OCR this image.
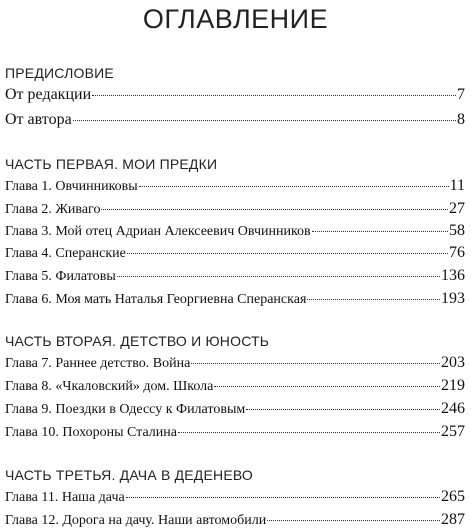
ОГЛАВЛЕНИЕ
ПРЕДИСЛОВИЕ
От редакции	7
От автора	8
ЧАСТЬ ПЕРВАЯ. МОИ ПРЕДКИ
Глава 1. Овчинниковы	11
Глава 2. Живаго	27
Глава 3. Мой отец Адриан Алексеевич Овчинников	58
Глава 4. Сперанские	76
Глава 5. Филатовы	136
Глава 6. Моя мать Наталья Георгиевна Сперанская	193
ЧАСТЬ ВТОРАЯ. ДЕТСТВО И ЮНОСТЬ
Глава 7. Раннее детство. Война	203
Глава 8. «Чкаловский» дом. Школа	219
Глава 9. Поездки в Одессу к Филатовым	246
Глава 10. Похороны Сталина	257
ЧАСТЬ ТРЕТЬЯ. ДАЧА В ДЕДЕНЕВО
Глава 11. Наша дача	265
Глава 12. Дорога на дачу. Наши автомобили	287
